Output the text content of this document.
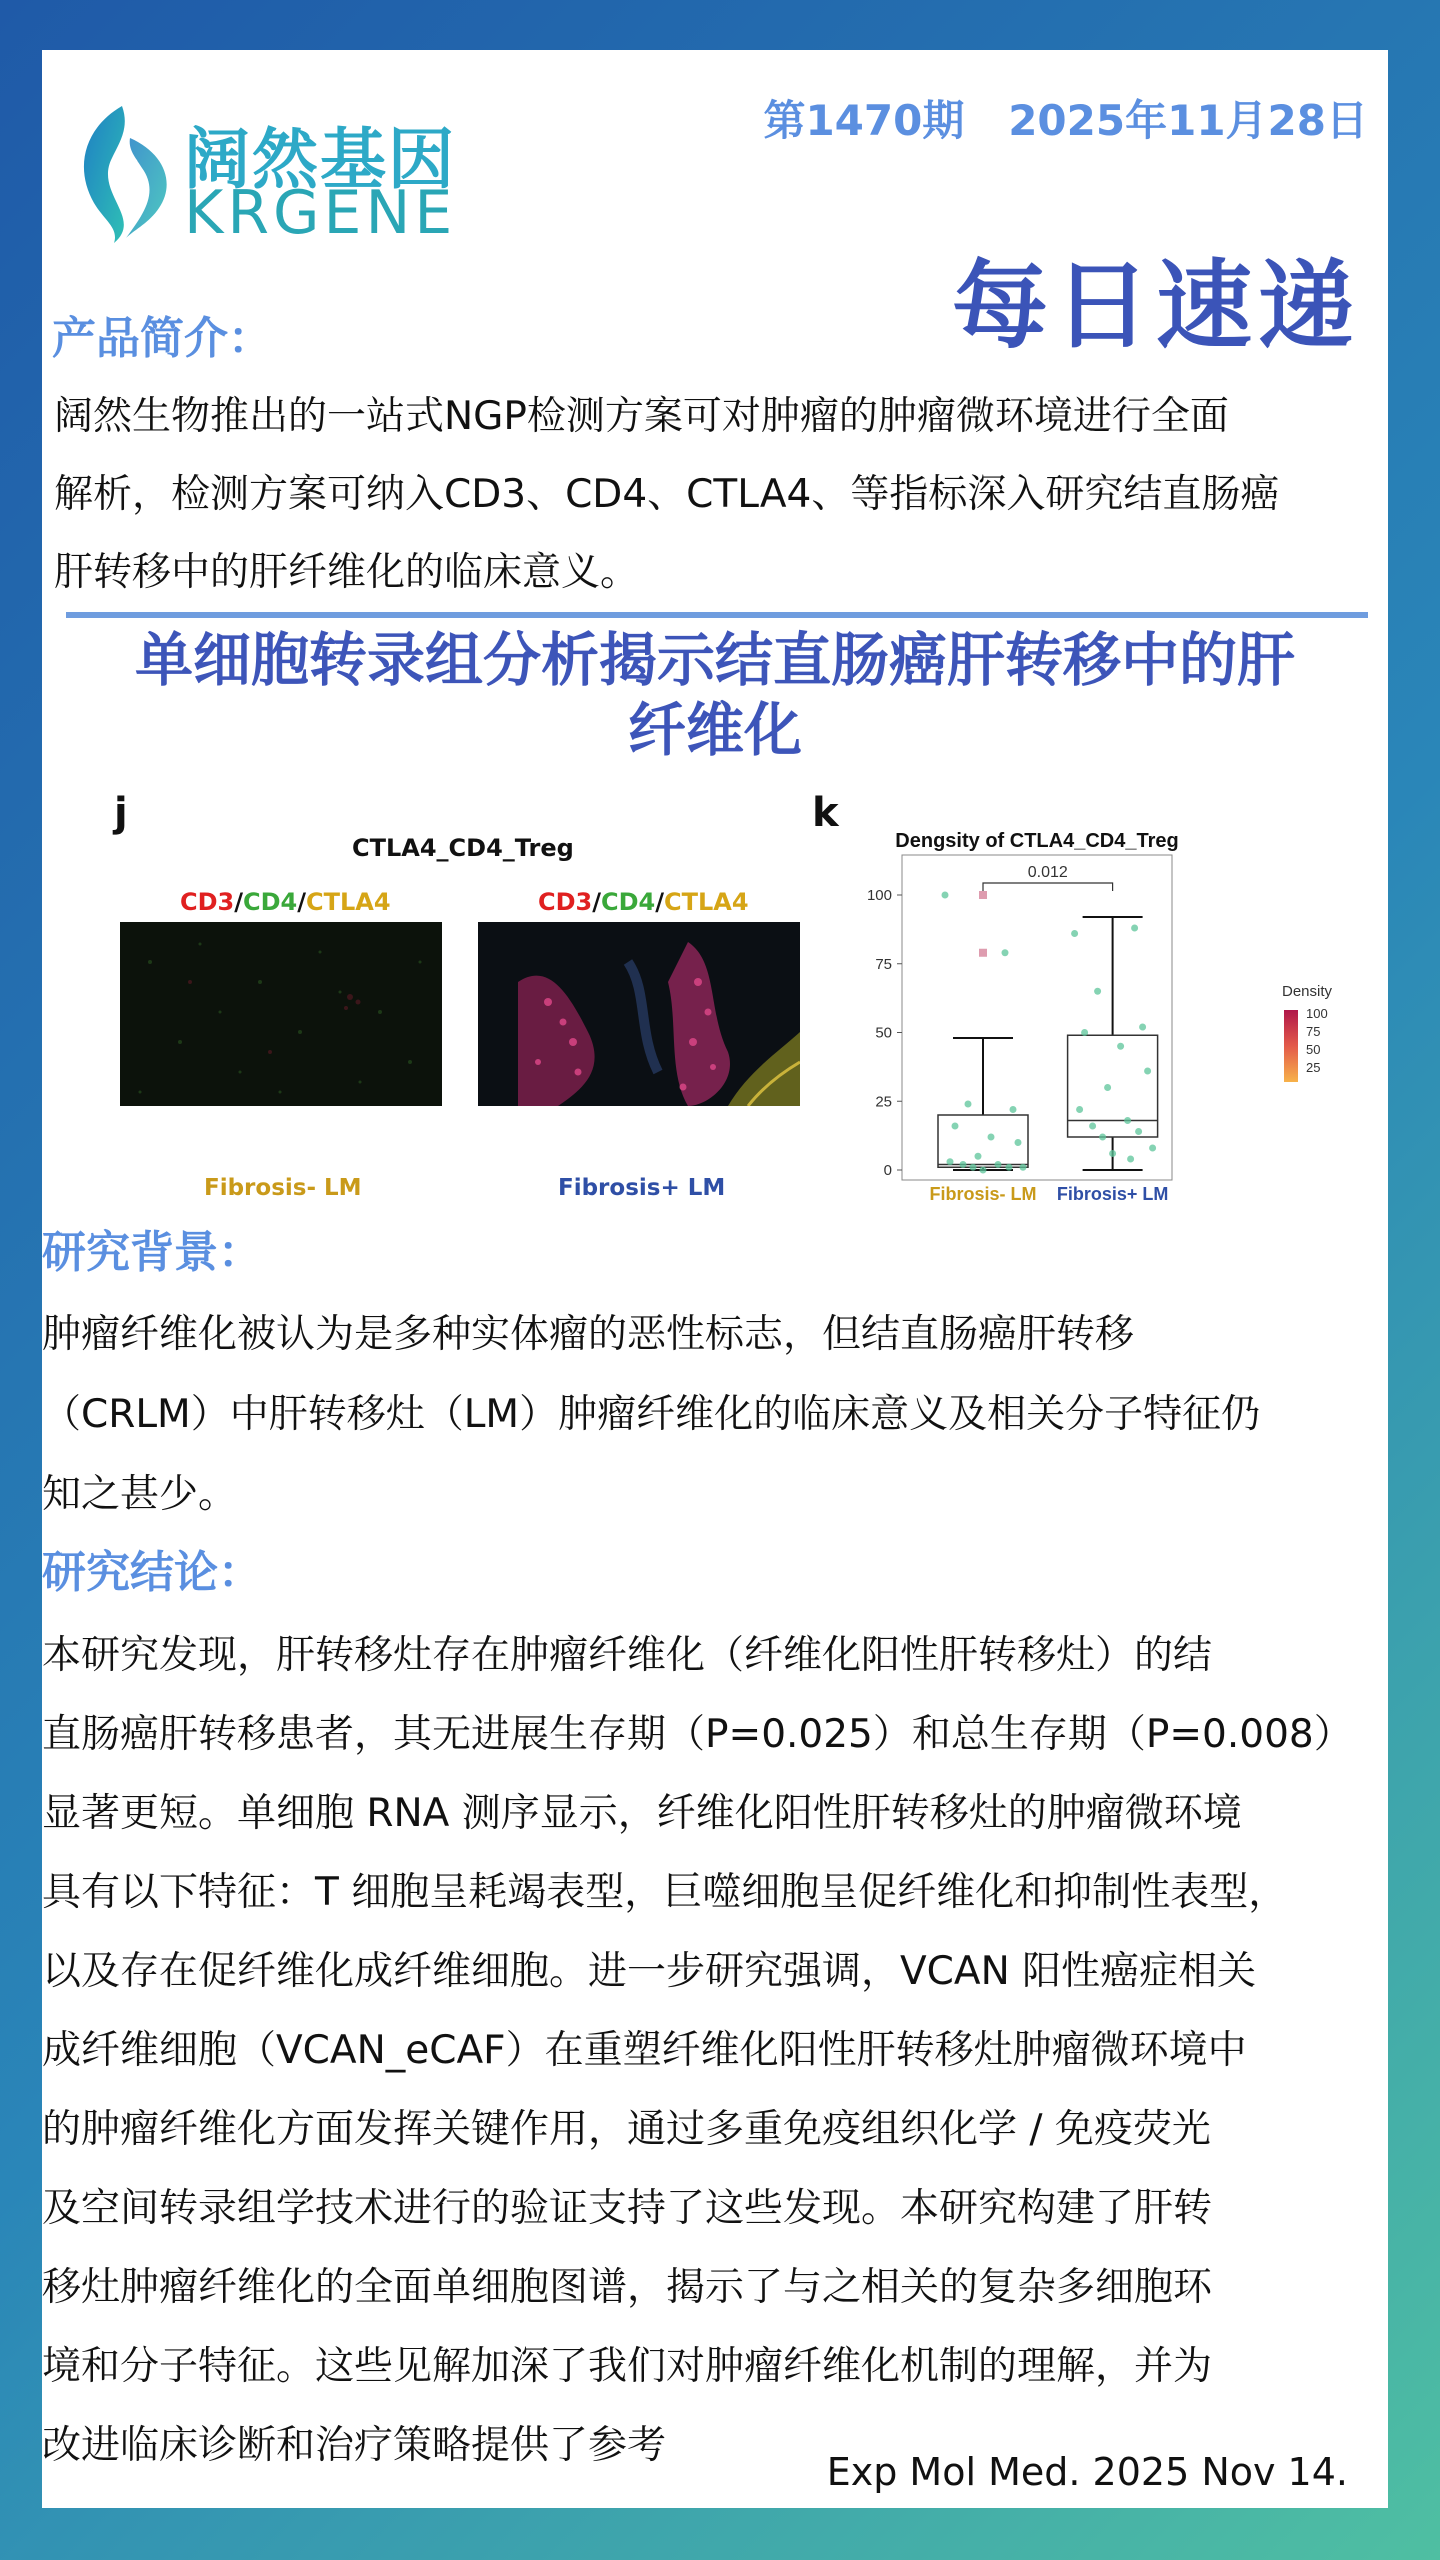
阔然基因
KRGENE
第1470期   2025年11月28日
每日速递
产品简介：
阔然生物推出的一站式NGP检测方案可对肿瘤的肿瘤微环境进行全面
解析，检测方案可纳入CD3、CD4、CTLA4、等指标深入研究结直肠癌
肝转移中的肝纤维化的临床意义。
单细胞转录组分析揭示结直肠癌肝转移中的肝
纤维化
j
CTLA4_CD4_Treg
CD3/CD4/CTLA4	CD3/CD4/CTLA4
Fibrosis- LM	Fibrosis+ LM
k
Dengsity of CTLA4_CD4_Treg
0
25
50
75
100
0.012
Fibrosis- LM Fibrosis+ LM
Density
100
75
50
25
研究背景：
肿瘤纤维化被认为是多种实体瘤的恶性标志，但结直肠癌肝转移
（CRLM）中肝转移灶（LM）肿瘤纤维化的临床意义及相关分子特征仍
知之甚少。
研究结论：
本研究发现，肝转移灶存在肿瘤纤维化（纤维化阳性肝转移灶）的结
直肠癌肝转移患者，其无进展生存期（P=0.025）和总生存期（P=0.008）
显著更短。单细胞 RNA 测序显示，纤维化阳性肝转移灶的肿瘤微环境
具有以下特征：T 细胞呈耗竭表型，巨噬细胞呈促纤维化和抑制性表型，
以及存在促纤维化成纤维细胞。进一步研究强调，VCAN 阳性癌症相关
成纤维细胞（VCAN_eCAF）在重塑纤维化阳性肝转移灶肿瘤微环境中
的肿瘤纤维化方面发挥关键作用，通过多重免疫组织化学 / 免疫荧光
及空间转录组学技术进行的验证支持了这些发现。本研究构建了肝转
移灶肿瘤纤维化的全面单细胞图谱，揭示了与之相关的复杂多细胞环
境和分子特征。这些见解加深了我们对肿瘤纤维化机制的理解，并为
改进临床诊断和治疗策略提供了参考
Exp Mol Med. 2025 Nov 14.
